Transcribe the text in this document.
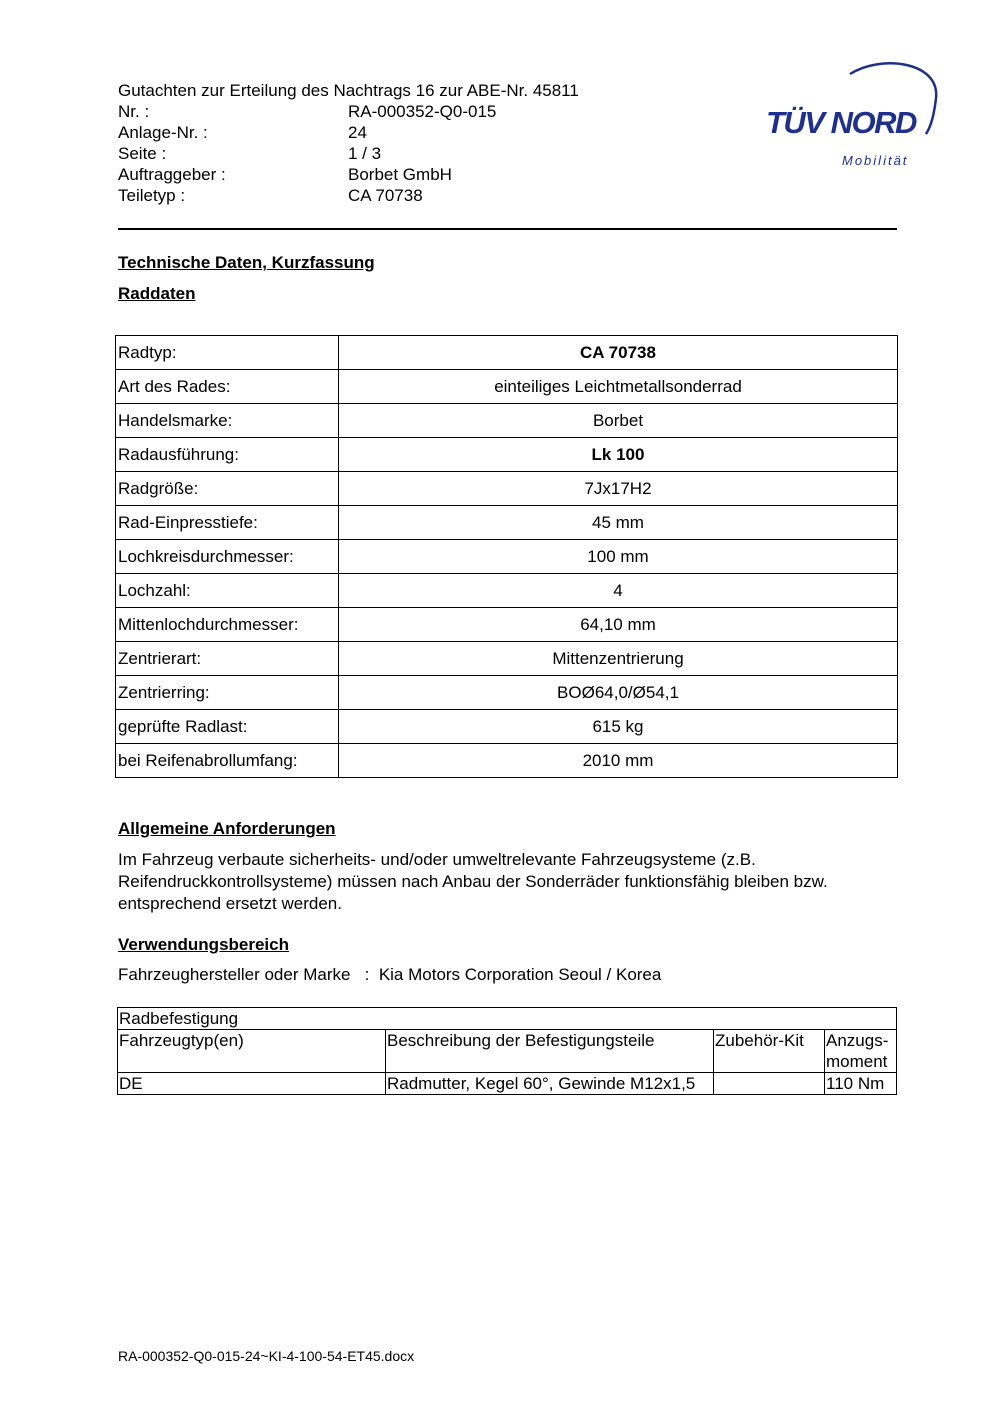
Gutachten zur Erteilung des Nachtrags 16 zur ABE-Nr. 45811
Nr. :	RA-000352-Q0-015
Anlage-Nr. :	24
Seite :	1 / 3
Auftraggeber :	Borbet GmbH
Teiletyp :	CA 70738
TÜV NORD
Mobilität
Technische Daten, Kurzfassung
Raddaten
Radtyp:	CA 70738
Art des Rades:	einteiliges Leichtmetallsonderrad
Handelsmarke:	Borbet
Radausführung:	Lk 100
Radgröße:	7Jx17H2
Rad-Einpresstiefe:	45 mm
Lochkreisdurchmesser:	100 mm
Lochzahl:	4
Mittenlochdurchmesser:	64,10 mm
Zentrierart:	Mittenzentrierung
Zentrierring:	BOØ64,0/Ø54,1
geprüfte Radlast:	615 kg
bei Reifenabrollumfang:	2010 mm
Allgemeine Anforderungen
Im Fahrzeug verbaute sicherheits- und/oder umweltrelevante Fahrzeugsysteme (z.B. Reifendruckkontrollsysteme) müssen nach Anbau der Sonderräder funktionsfähig bleiben bzw. entsprechend ersetzt werden.
Verwendungsbereich
Fahrzeughersteller oder Marke : Kia Motors Corporation Seoul / Korea
Radbefestigung			
Fahrzeugtyp(en)	Beschreibung der Befestigungsteile	Zubehör-Kit	Anzugs-
moment
DE	Radmutter, Kegel 60°, Gewinde M12x1,5		110 Nm
RA-000352-Q0-015-24~KI-4-100-54-ET45.docx
